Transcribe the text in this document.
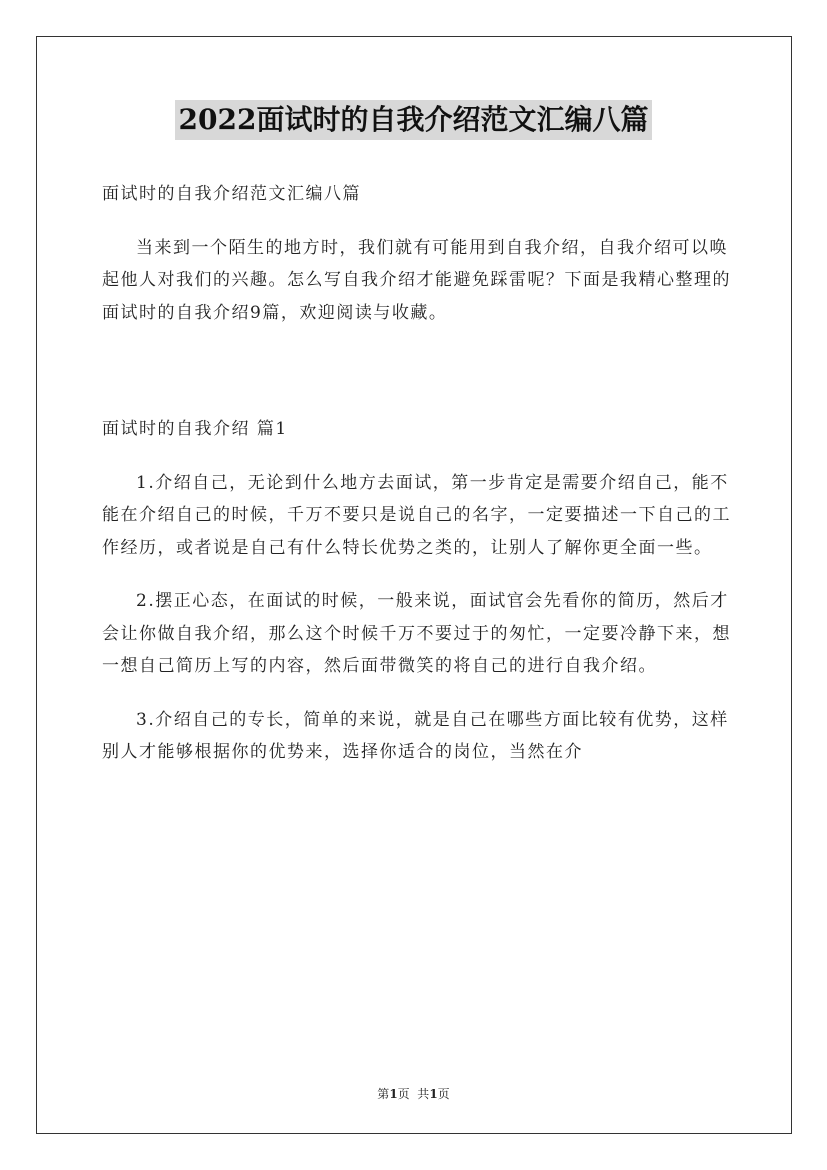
2022面试时的自我介绍范文汇编八篇

面试时的自我介绍范文汇编八篇

当来到一个陌生的地方时，我们就有可能用到自我介绍，自我介绍可以唤起他人对我们的兴趣。怎么写自我介绍才能避免踩雷呢？下面是我精心整理的面试时的自我介绍9篇，欢迎阅读与收藏。

面试时的自我介绍 篇1

1.介绍自己，无论到什么地方去面试，第一步肯定是需要介绍自己，能不能在介绍自己的时候，千万不要只是说自己的名字，一定要描述一下自己的工作经历，或者说是自己有什么特长优势之类的，让别人了解你更全面一些。

2.摆正心态，在面试的时候，一般来说，面试官会先看你的简历，然后才会让你做自我介绍，那么这个时候千万不要过于的匆忙，一定要冷静下来，想一想自己简历上写的内容，然后面带微笑的将自己的进行自我介绍。

3.介绍自己的专长，简单的来说，就是自己在哪些方面比较有优势，这样别人才能够根据你的优势来，选择你适合的岗位，当然在介

第1页  共1页
